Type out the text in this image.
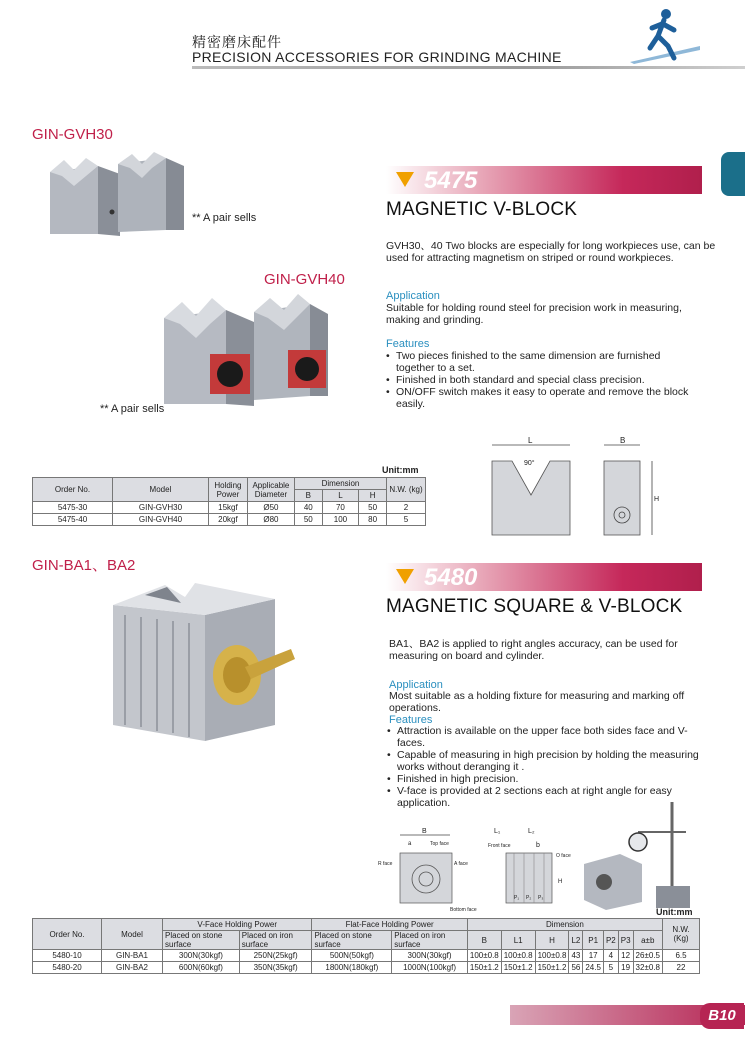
精密磨床配件
PRECISION ACCESSORIES FOR GRINDING MACHINE
GIN-GVH30
** A pair sells
GIN-GVH40
** A pair sells
5475
MAGNETIC V-BLOCK
GVH30、40 Two blocks are especially for long workpieces use, can be used for attracting magnetism on striped or round workpieces.
Application
Suitable for holding round steel for precision work in measuring, making and grinding.
Features
• Two pieces finished to the same dimension are furnished together to a set.
• Finished in both standard and special class precision.
• ON/OFF switch makes it easy to operate and remove the block easily.
L
90°
B
H
Unit:mm
Order No.	Model	Holding Power	Applicable Diameter	Dimension			N.W. (kg)
				B	L	H	
5475-30	GIN-GVH30	15kgf	Ø50	40	70	50	2
5475-40	GIN-GVH40	20kgf	Ø80	50	100	80	5
GIN-BA1、BA2	5480
MAGNETIC SQUARE & V-BLOCK
BA1、BA2 is applied to right angles accuracy, can be used for measuring on board and cylinder.
Application
Most suitable as a holding fixture for measuring and marking off operations.
Features
• Attraction is available on the upper face both sides face and V-faces.
• Capable of measuring in high precision by holding the measuring works without deranging it .
• Finished in high precision.
• V-face is provided at 2 sections each at right angle for easy application.
B
a	Top face
R face	A face
Bottom face
L₁	L₂
Front face	b
O face
H
P₁ P₂ P₃
Unit:mm
Order No.	Model	V-Face Holding Power		Flat-Face Holding Power		Dimension								N.W. (Kg)
		Placed on stone surface	Placed on iron surface	Placed on stone surface	Placed on iron surface	B	L1	H	L2	P1	P2	P3	a±b	
5480-10	GIN-BA1	300N(30kgf)	250N(25kgf)	500N(50kgf)	300N(30kgf)	100±0.8	100±0.8	100±0.8	43	17	4	12	26±0.5	6.5
5480-20	GIN-BA2	600N(60kgf)	350N(35kgf)	1800N(180kgf)	1000N(100kgf)	150±1.2	150±1.2	150±1.2	56	24.5	5	19	32±0.8	22
B10
